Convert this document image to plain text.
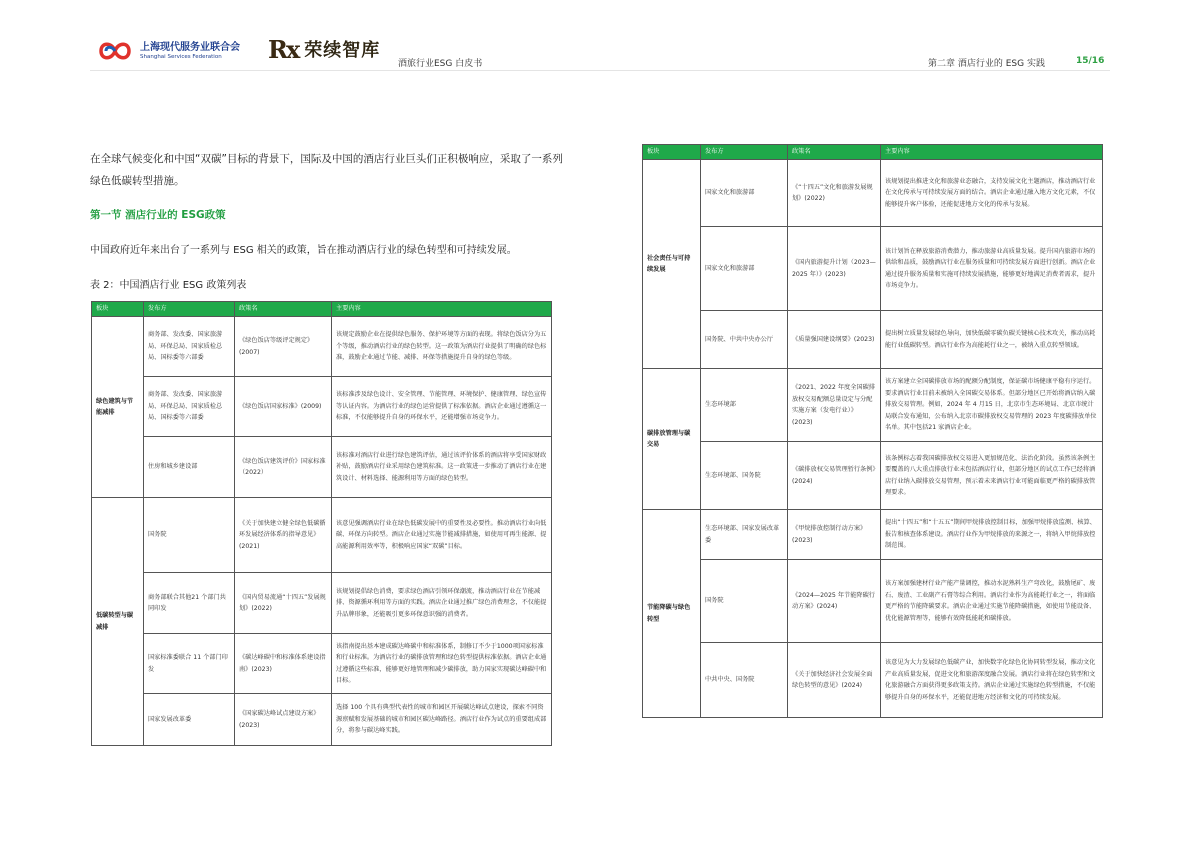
上海现代服务业联合会
Shanghai Services Federation	Rx 荣续智库
酒旅行业ESG 白皮书	第二章 酒店行业的 ESG 实践	15/16
在全球气候变化和中国“双碳”目标的背景下，国际及中国的酒店行业巨头们正积极响应，采取了一系列绿色低碳转型措施。
第一节 酒店行业的 ESG政策
中国政府近年来出台了一系列与 ESG 相关的政策，旨在推动酒店行业的绿色转型和可持续发展。
表 2：中国酒店行业 ESG 政策列表
板块	发布方	政策名	主要内容
绿色建筑与节能减排	商务部、发改委、国家旅游局、环保总局、国家质检总局、国标委等六部委	《绿色饭店等级评定规定》(2007)	该规定鼓励企业在提供绿色服务、保护环境等方面的表现。将绿色饭店分为五个等级，推动酒店行业的绿色转型。这一政策为酒店行业提供了明确的绿色标准，鼓励企业通过节能、减排、环保等措施提升自身的绿色等级。
	商务部、发改委、国家旅游局、环保总局、国家质检总局、国标委等六部委	《绿色饭店国家标准》(2009)	该标准涉及绿色设计、安全管理、节能管理、环境保护、健康管理、绿色宣传等认证内容。为酒店行业的绿色运营提供了标准依据。酒店企业通过遵循这一标准，不仅能够提升自身的环保水平，还能增强市场竞争力。
	住房和城乡建设部	《绿色饭店建筑评价》国家标准（2022）	该标准对酒店行业进行绿色建筑评估，通过该评价体系的酒店将享受国家财政补贴，鼓励酒店行业采用绿色建筑标准。这一政策进一步推动了酒店行业在建筑设计、材料选择、能源利用等方面的绿色转型。
低碳转型与碳减排	国务院	《关于加快建立健全绿色低碳循环发展经济体系的指导意见》(2021)	该意见强调酒店行业在绿色低碳发展中的重要性及必要性。推动酒店行业向低碳、环保方向转型。酒店企业通过实施节能减排措施，如使用可再生能源、提高能源利用效率等，积极响应国家“双碳”目标。
	商务部联合其他21 个部门共同印发	《国内贸易流通“十四五”发展规划》(2022)	该规划提倡绿色消费，要求绿色酒店引领环保潮流，推动酒店行业在节能减排、资源循环利用等方面的实践。酒店企业通过推广绿色消费理念，不仅能提升品牌形象，还能吸引更多环保意识强的消费者。
	国家标准委联合 11 个部门印发	《碳达峰碳中和标准体系建设指南》(2023)	该指南提出基本建成碳达峰碳中和标准体系，制修订不少于1000项国家标准和行业标准。为酒店行业的碳排放管理和绿色转型提供标准依据。酒店企业通过遵循这些标准，能够更好地管理和减少碳排放，助力国家实现碳达峰碳中和目标。
	国家发展改革委	《国家碳达峰试点建设方案》(2023)	选择 100 个具有典型代表性的城市和园区开展碳达峰试点建设，探索不同资源禀赋和发展基础的城市和园区碳达峰路径。酒店行业作为试点的重要组成部分，将参与碳达峰实践。
板块	发布方	政策名	主要内容
社会责任与可持续发展	国家文化和旅游部	《“十四五”文化和旅游发展规划》(2022)	该规划提出推进文化和旅游业态融合，支持发展文化主题酒店，推动酒店行业在文化传承与可持续发展方面的结合。酒店企业通过融入地方文化元素，不仅能够提升客户体验，还能促进地方文化的传承与发展。
	国家文化和旅游部	《国内旅游提升计划（2023—2025 年）》(2023)	该计划旨在释放旅游消费潜力，推动旅游业高质量发展。提升国内旅游市场的供给和品质，鼓励酒店行业在服务质量和可持续发展方面进行创新。酒店企业通过提升服务质量和实施可持续发展措施，能够更好地满足消费者需求，提升市场竞争力。
	国务院、中共中央办公厅	《质量强国建设纲要》(2023)	提出树立质量发展绿色导向，加快低碳零碳负碳关键核心技术攻关，推动高耗能行业低碳转型。酒店行业作为高能耗行业之一，被纳入重点转型领域。
碳排放管理与碳交易	生态环境部	《2021、2022 年度全国碳排放权交易配额总量设定与分配实施方案（发电行业）》(2023)	该方案建立全国碳排放市场的配额分配制度，保证碳市场健康平稳有序运行。要求酒店行业目前未被纳入全国碳交易体系。但部分地区已开始将酒店纳入碳排放交易管理。例如，2024 年 4 月15 日，北京市生态环境局、北京市统计局联合发布通知，公布纳入北京市碳排放权交易管理的 2023 年度碳排放单位名单。其中包括21 家酒店企业。
	生态环境部、国务院	《碳排放权交易管理暂行条例》(2024)	该条例标志着我国碳排放权交易进入更加规范化、法治化阶段。虽然该条例主要覆盖的八大重点排放行业未包括酒店行业，但部分地区的试点工作已经将酒店行业纳入碳排放交易管理，预示着未来酒店行业可能面临更严格的碳排放管理要求。
节能降碳与绿色转型	生态环境部、国家发展改革委	《甲烷排放控制行动方案》(2023)	提出“十四五”和“十五五”期间甲烷排放控制目标，加强甲烷排放监测、核算、报告和核查体系建设。酒店行业作为甲烷排放的来源之一，将纳入甲烷排放控制范围。
	国务院	《2024—2025 年节能降碳行动方案》(2024)	该方案加强建材行业产能产量调控，推动水泥熟料生产弯改化，鼓励尾矿、废石、废渣、工业副产石膏等综合利用。酒店行业作为高能耗行业之一，将面临更严格的节能降碳要求。酒店企业通过实施节能降碳措施，如使用节能设备、优化能源管理等，能够有效降低能耗和碳排放。
	中共中央、国务院	《关于加快经济社会发展全面绿色转型的意见》(2024)	该意见为大力发展绿色低碳产业，加快数字化绿色化协同转型发展，推动文化产业高质量发展，促进文化和旅游深度融合发展。酒店行业将在绿色转型和文化旅游融合方面获得更多政策支持。酒店企业通过实施绿色转型措施，不仅能够提升自身的环保水平，还能促进地方经济和文化的可持续发展。
